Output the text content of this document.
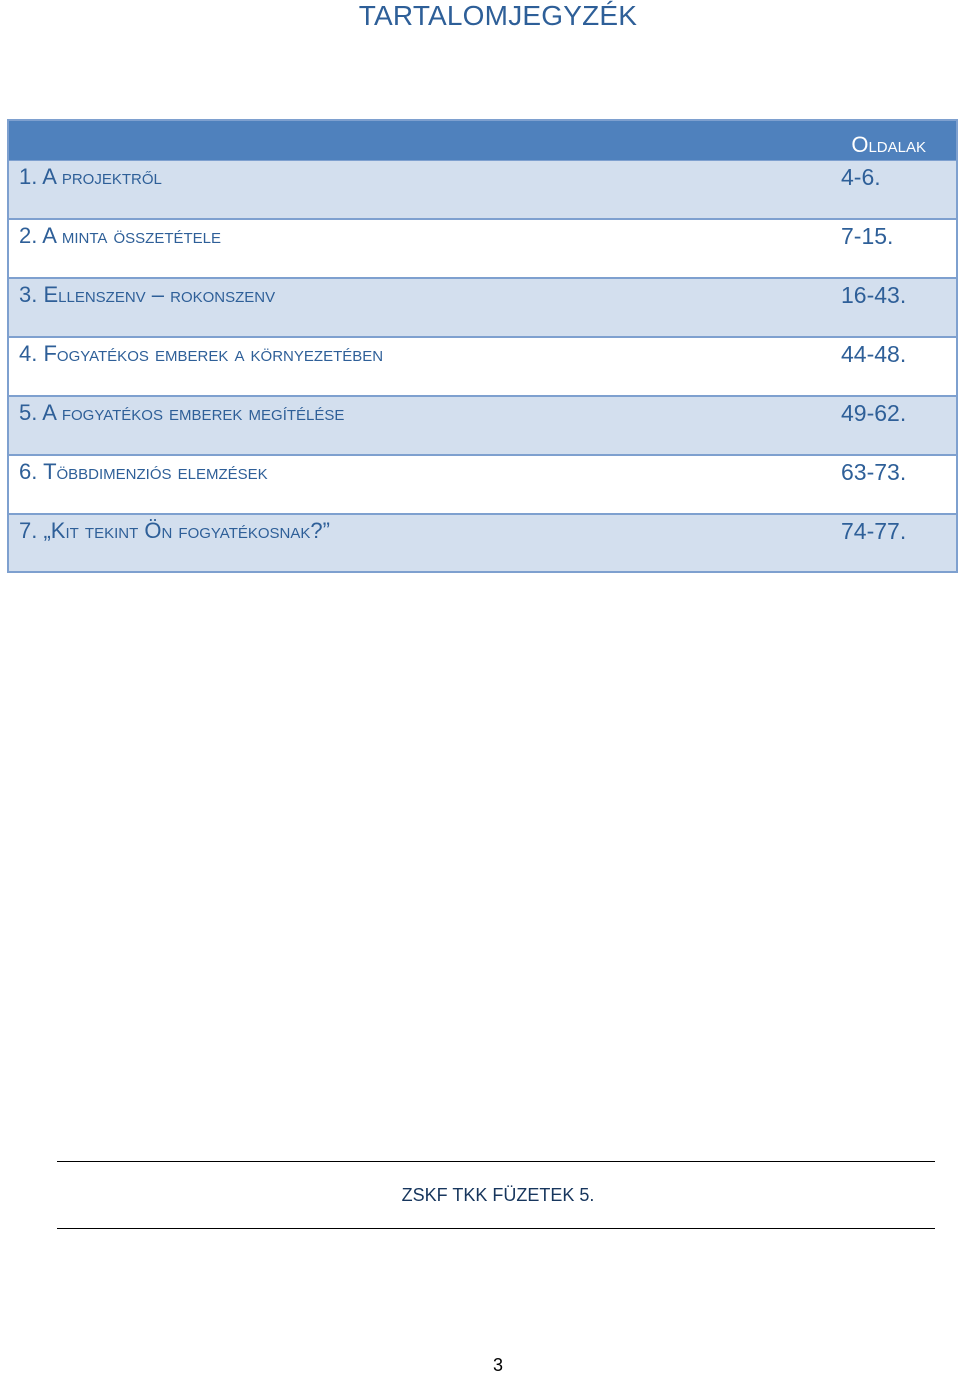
TARTALOMJEGYZÉK
Oldalak
1. A projektről	4-6.
2. A minta összetétele	7-15.
3. Ellenszenv – rokonszenv	16-43.
4. Fogyatékos emberek a környezetében	44-48.
5. A fogyatékos emberek megítélése	49-62.
6. Többdimenziós elemzések	63-73.
7. „Kit tekint Ön fogyatékosnak?”	74-77.
ZSKF TKK FÜZETEK 5.
3
